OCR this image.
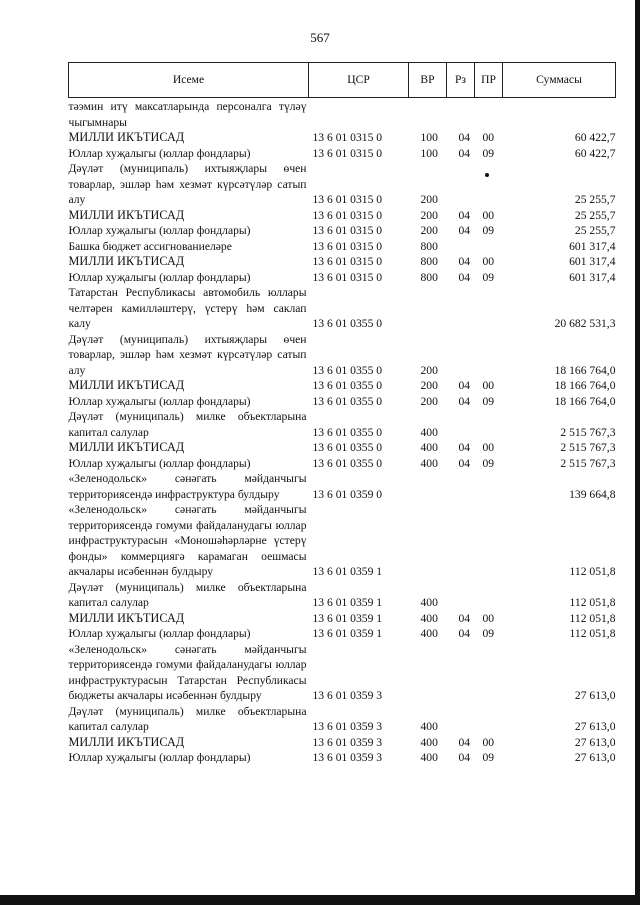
567
Исеме	ЦСР	ВР	Рз	ПР	Суммасы
тәэмин итү максатларында персоналга түләү чыгымнары					
МИЛЛИ ИКЪТИСАД	13 6 01 0315 0	100	04	00	60 422,7
Юллар хуҗалыгы (юллар фондлары)	13 6 01 0315 0	100	04	09	60 422,7
Дәүләт (муниципаль) ихтыяҗлары өчен товарлар, эшләр һәм хезмәт күрсәтүләр сатып алу	13 6 01 0315 0	200			25 255,7
МИЛЛИ ИКЪТИСАД	13 6 01 0315 0	200	04	00	25 255,7
Юллар хуҗалыгы (юллар фондлары)	13 6 01 0315 0	200	04	09	25 255,7
Башка бюджет ассигнованиеләре	13 6 01 0315 0	800			601 317,4
МИЛЛИ ИКЪТИСАД	13 6 01 0315 0	800	04	00	601 317,4
Юллар хуҗалыгы (юллар фондлары)	13 6 01 0315 0	800	04	09	601 317,4
Татарстан Республикасы автомобиль юллары челтәрен камилләштерү, үстерү һәм саклап калу	13 6 01 0355 0				20 682 531,3
Дәүләт (муниципаль) ихтыяҗлары өчен товарлар, эшләр һәм хезмәт күрсәтүләр сатып алу	13 6 01 0355 0	200			18 166 764,0
МИЛЛИ ИКЪТИСАД	13 6 01 0355 0	200	04	00	18 166 764,0
Юллар хуҗалыгы (юллар фондлары)	13 6 01 0355 0	200	04	09	18 166 764,0
Дәүләт (муниципаль) милке объектларына капитал салулар	13 6 01 0355 0	400			2 515 767,3
МИЛЛИ ИКЪТИСАД	13 6 01 0355 0	400	04	00	2 515 767,3
Юллар хуҗалыгы (юллар фондлары)	13 6 01 0355 0	400	04	09	2 515 767,3
«Зеленодольск» сәнәгать мәйданчыгы территориясендә инфраструктура булдыру	13 6 01 0359 0				139 664,8
«Зеленодольск» сәнәгать мәйданчыгы территориясендә гомуми файдаланудагы юллар инфраструктурасын «Моношәһәрләрне үстерү фонды» коммерциягә карамаган оешмасы акчалары исәбеннән булдыру	13 6 01 0359 1				112 051,8
Дәүләт (муниципаль) милке объектларына капитал салулар	13 6 01 0359 1	400			112 051,8
МИЛЛИ ИКЪТИСАД	13 6 01 0359 1	400	04	00	112 051,8
Юллар хуҗалыгы (юллар фондлары)	13 6 01 0359 1	400	04	09	112 051,8
«Зеленодольск» сәнәгать мәйданчыгы территориясендә гомуми файдаланудагы юллар инфраструктурасын Татарстан Республикасы бюджеты акчалары исәбеннән булдыру	13 6 01 0359 3				27 613,0
Дәүләт (муниципаль) милке объектларына капитал салулар	13 6 01 0359 3	400			27 613,0
МИЛЛИ ИКЪТИСАД	13 6 01 0359 3	400	04	00	27 613,0
Юллар хуҗалыгы (юллар фондлары)	13 6 01 0359 3	400	04	09	27 613,0
